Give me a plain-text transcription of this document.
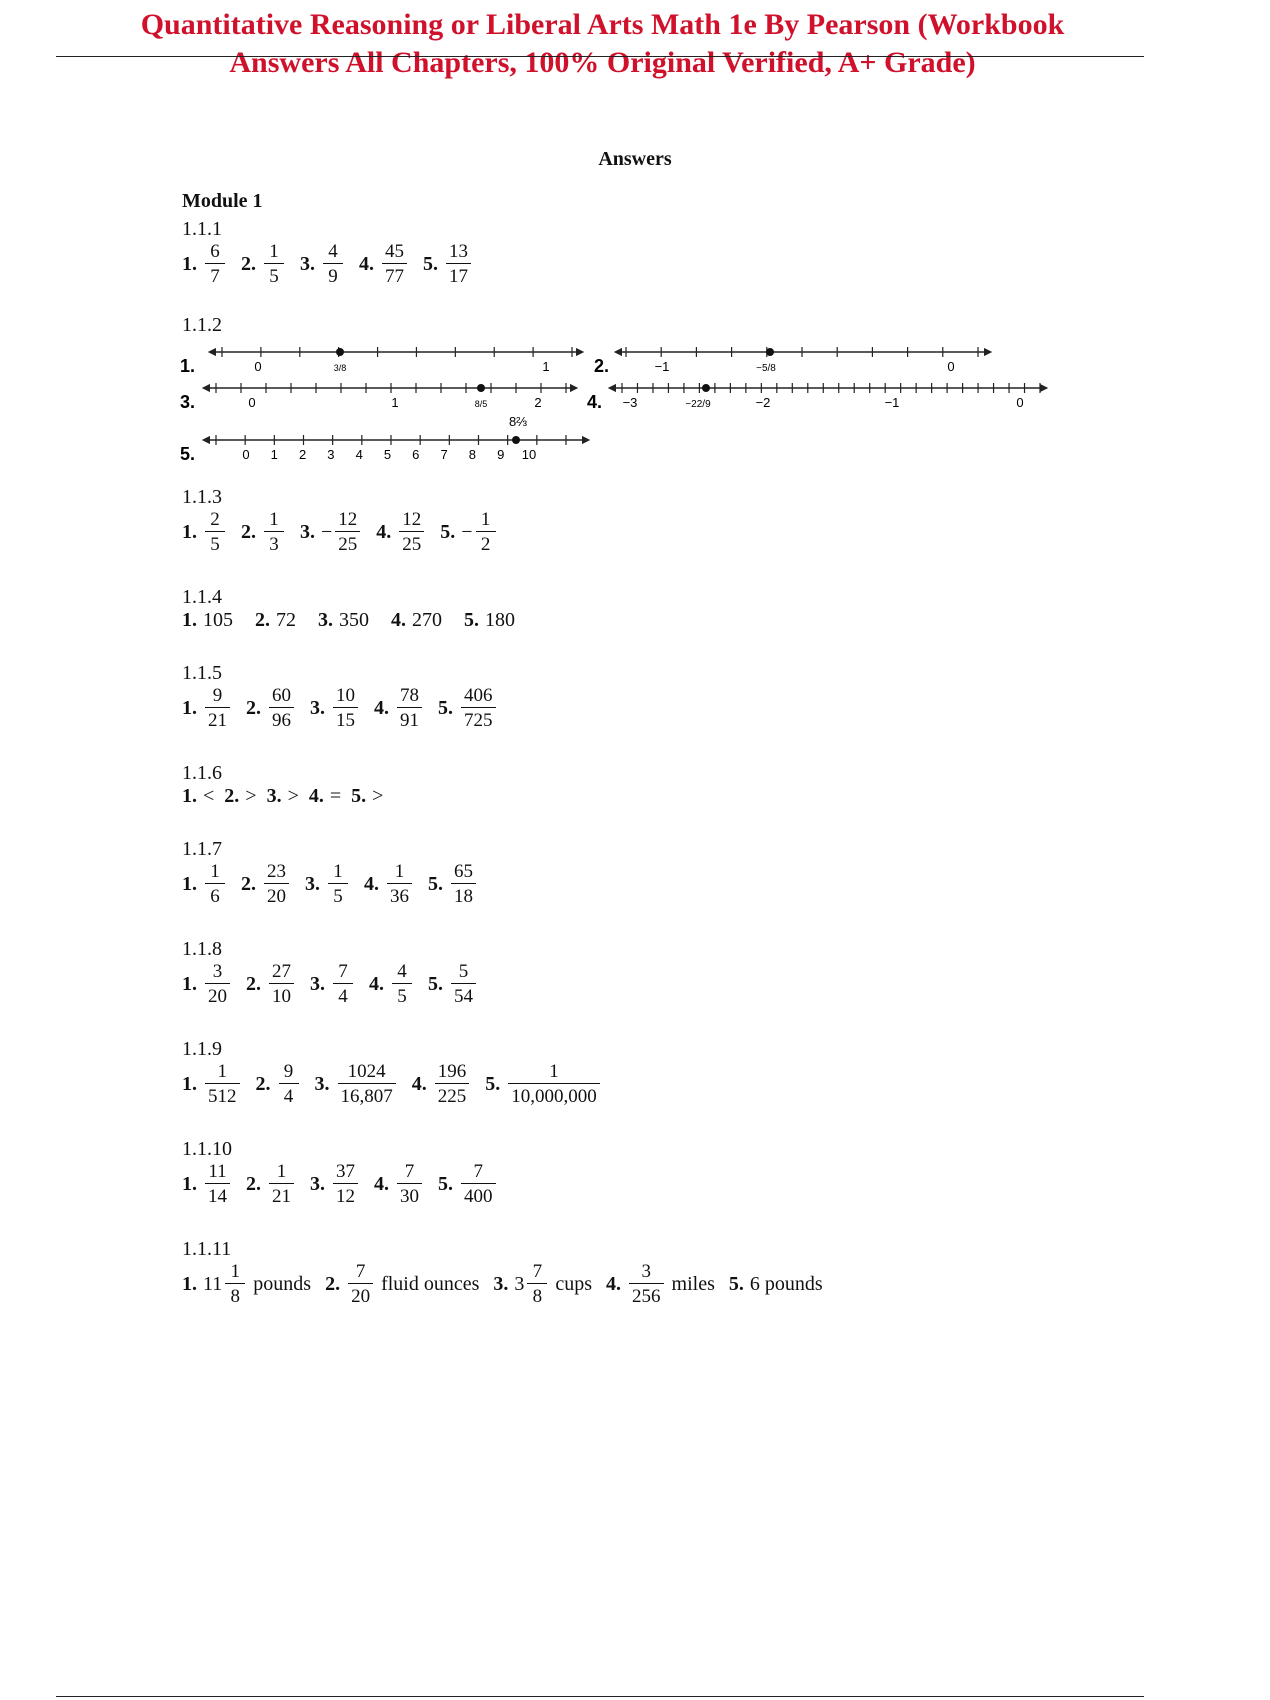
Quantitative Reasoning or Liberal Arts Math 1e By Pearson (Workbook
Answers All Chapters, 100% Original Verified, A+ Grade)
Answers
Module 1
1.1.1
1. $\frac{6}{7} 2$. $\frac{1}{5} 3$. $\frac{4}{9} 4$. $\frac{45}{77} 5$. $\frac{13}{17}$
1.1.2
1.	0	1
3/8	2.	−1	0
−5/8
3.	0	1	2
8/5	4. −3	−2	−1	0
−22/9
5.	0 1 2 3 4 5 6 7 8 9 10
8⅔
1.1.3
1. $\frac{2}{5} 2$. $\frac{1}{3} 3$. − $\frac{12}{25} 4$. $\frac{12}{25} 5$. − $\frac{1}{2}$
1.1.4
1. 105 2. 72 3. 350 4. 270 5. 180
1.1.5
1. $\frac{9}{21} 2$. $\frac{60}{96} 3$. $\frac{10}{15} 4$. $\frac{78}{91} 5$. $\frac{406}{725}$
1.1.6
1. < 2. > 3. > 4. = 5. >
1.1.7
1. $\frac{1}{6} 2$. $\frac{23}{20} 3$. $\frac{1}{5} 4$. $\frac{1}{36} 5$. $\frac{65}{18}$
1.1.8
1. $\frac{3}{20} 2$. $\frac{27}{10} 3$. $\frac{7}{4} 4$. $\frac{4}{5} 5$. $\frac{5}{54}$
1.1.9
1. $\frac{1}{512} 2$. $\frac{9}{4} 3$. $\frac{1024}{16,807} 4$. $\frac{196}{225} 5$. $\frac{1}{10,000,000}$
1.1.10
1. $\frac{11}{14} 2$. $\frac{1}{21} 3$. $\frac{37}{12} 4$. $\frac{7}{30} 5$. $\frac{7}{400}$
1.1.11
1. $11 \frac{1}{8}$ pounds 2. $\frac{7}{20}$ fluid ounces 3. $3 \frac{7}{8}$ cups 4. $\frac{3}{256}$ miles 5. 6 pounds
